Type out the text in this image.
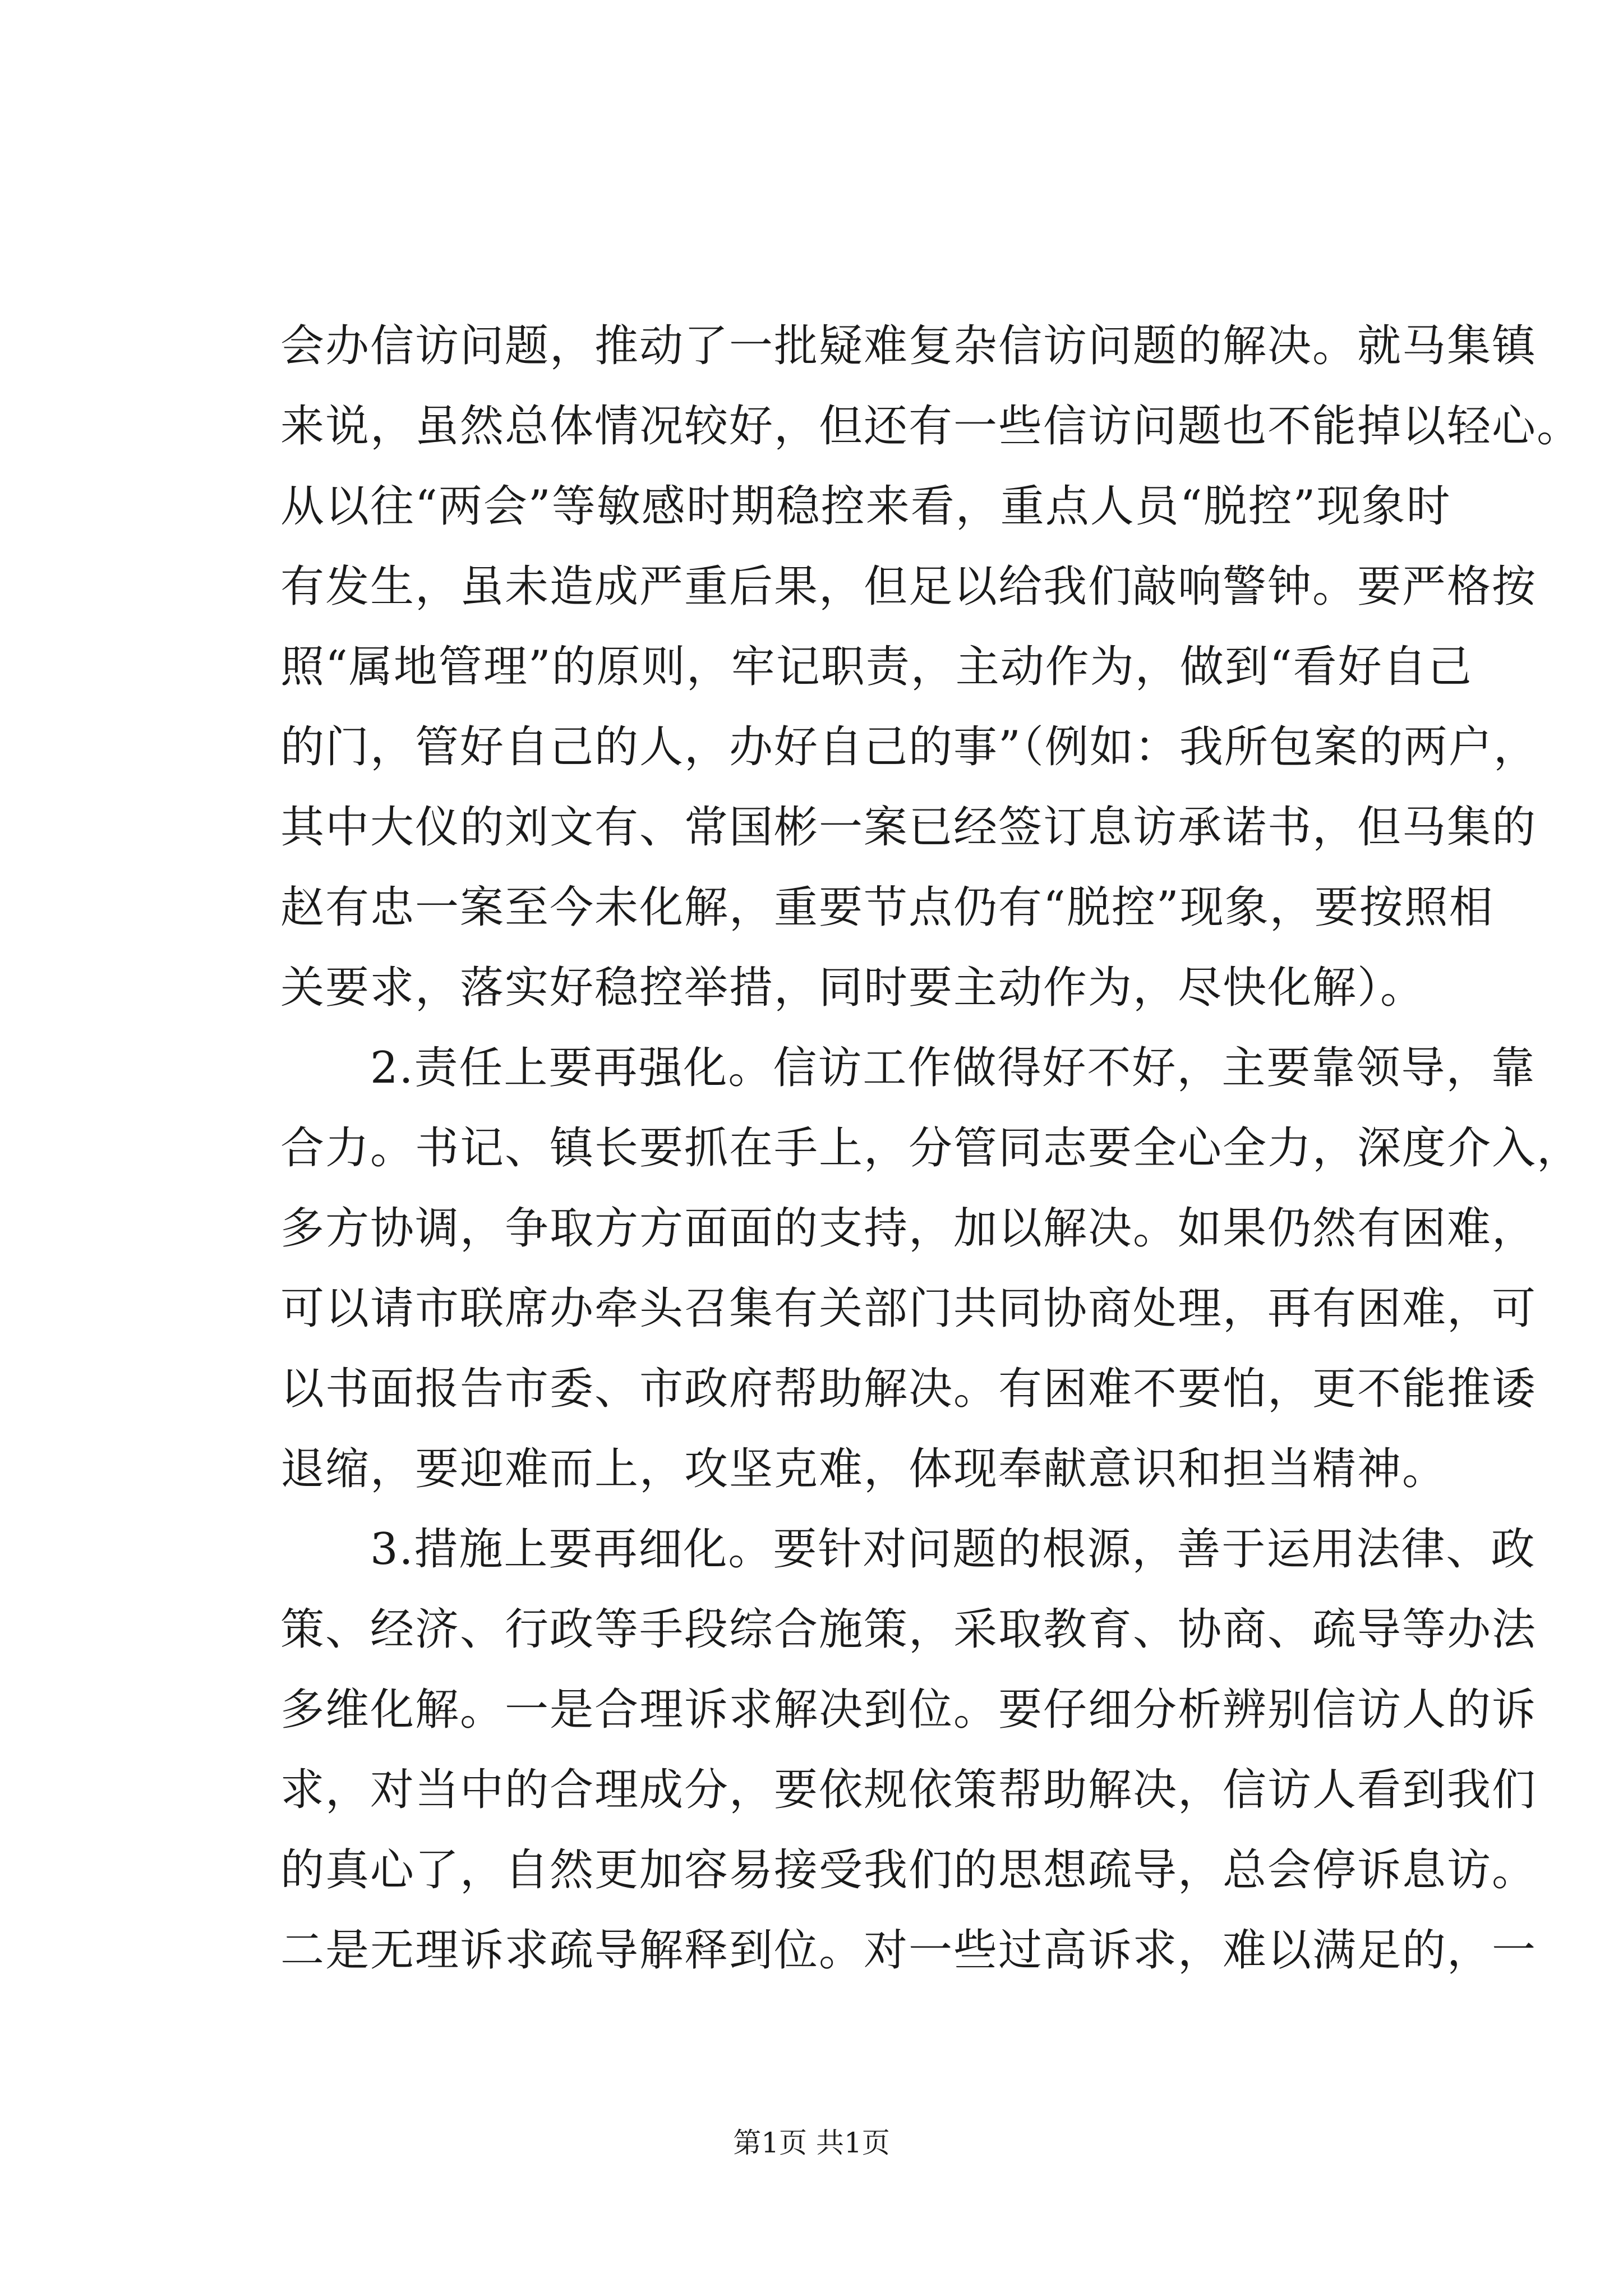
会办信访问题，推动了一批疑难复杂信访问题的解决。就马集镇
来说，虽然总体情况较好，但还有一些信访问题也不能掉以轻心。
从以往“两会”等敏感时期稳控来看，重点人员“脱控”现象时
有发生，虽未造成严重后果，但足以给我们敲响警钟。要严格按
照“属地管理”的原则，牢记职责，主动作为，做到“看好自己
的门，管好自己的人，办好自己的事”（例如：我所包案的两户，
其中大仪的刘文有、常国彬一案已经签订息访承诺书，但马集的
赵有忠一案至今未化解，重要节点仍有“脱控”现象，要按照相
关要求，落实好稳控举措，同时要主动作为，尽快化解）。
2.责任上要再强化。信访工作做得好不好，主要靠领导，靠
合力。书记、镇长要抓在手上，分管同志要全心全力，深度介入，
多方协调，争取方方面面的支持，加以解决。如果仍然有困难，
可以请市联席办牵头召集有关部门共同协商处理，再有困难，可
以书面报告市委、市政府帮助解决。有困难不要怕，更不能推诿
退缩，要迎难而上，攻坚克难，体现奉献意识和担当精神。
3.措施上要再细化。要针对问题的根源，善于运用法律、政
策、经济、行政等手段综合施策，采取教育、协商、疏导等办法
多维化解。一是合理诉求解决到位。要仔细分析辨别信访人的诉
求，对当中的合理成分，要依规依策帮助解决，信访人看到我们
的真心了，自然更加容易接受我们的思想疏导，总会停诉息访。
二是无理诉求疏导解释到位。对一些过高诉求，难以满足的，一
第1页 共1页
